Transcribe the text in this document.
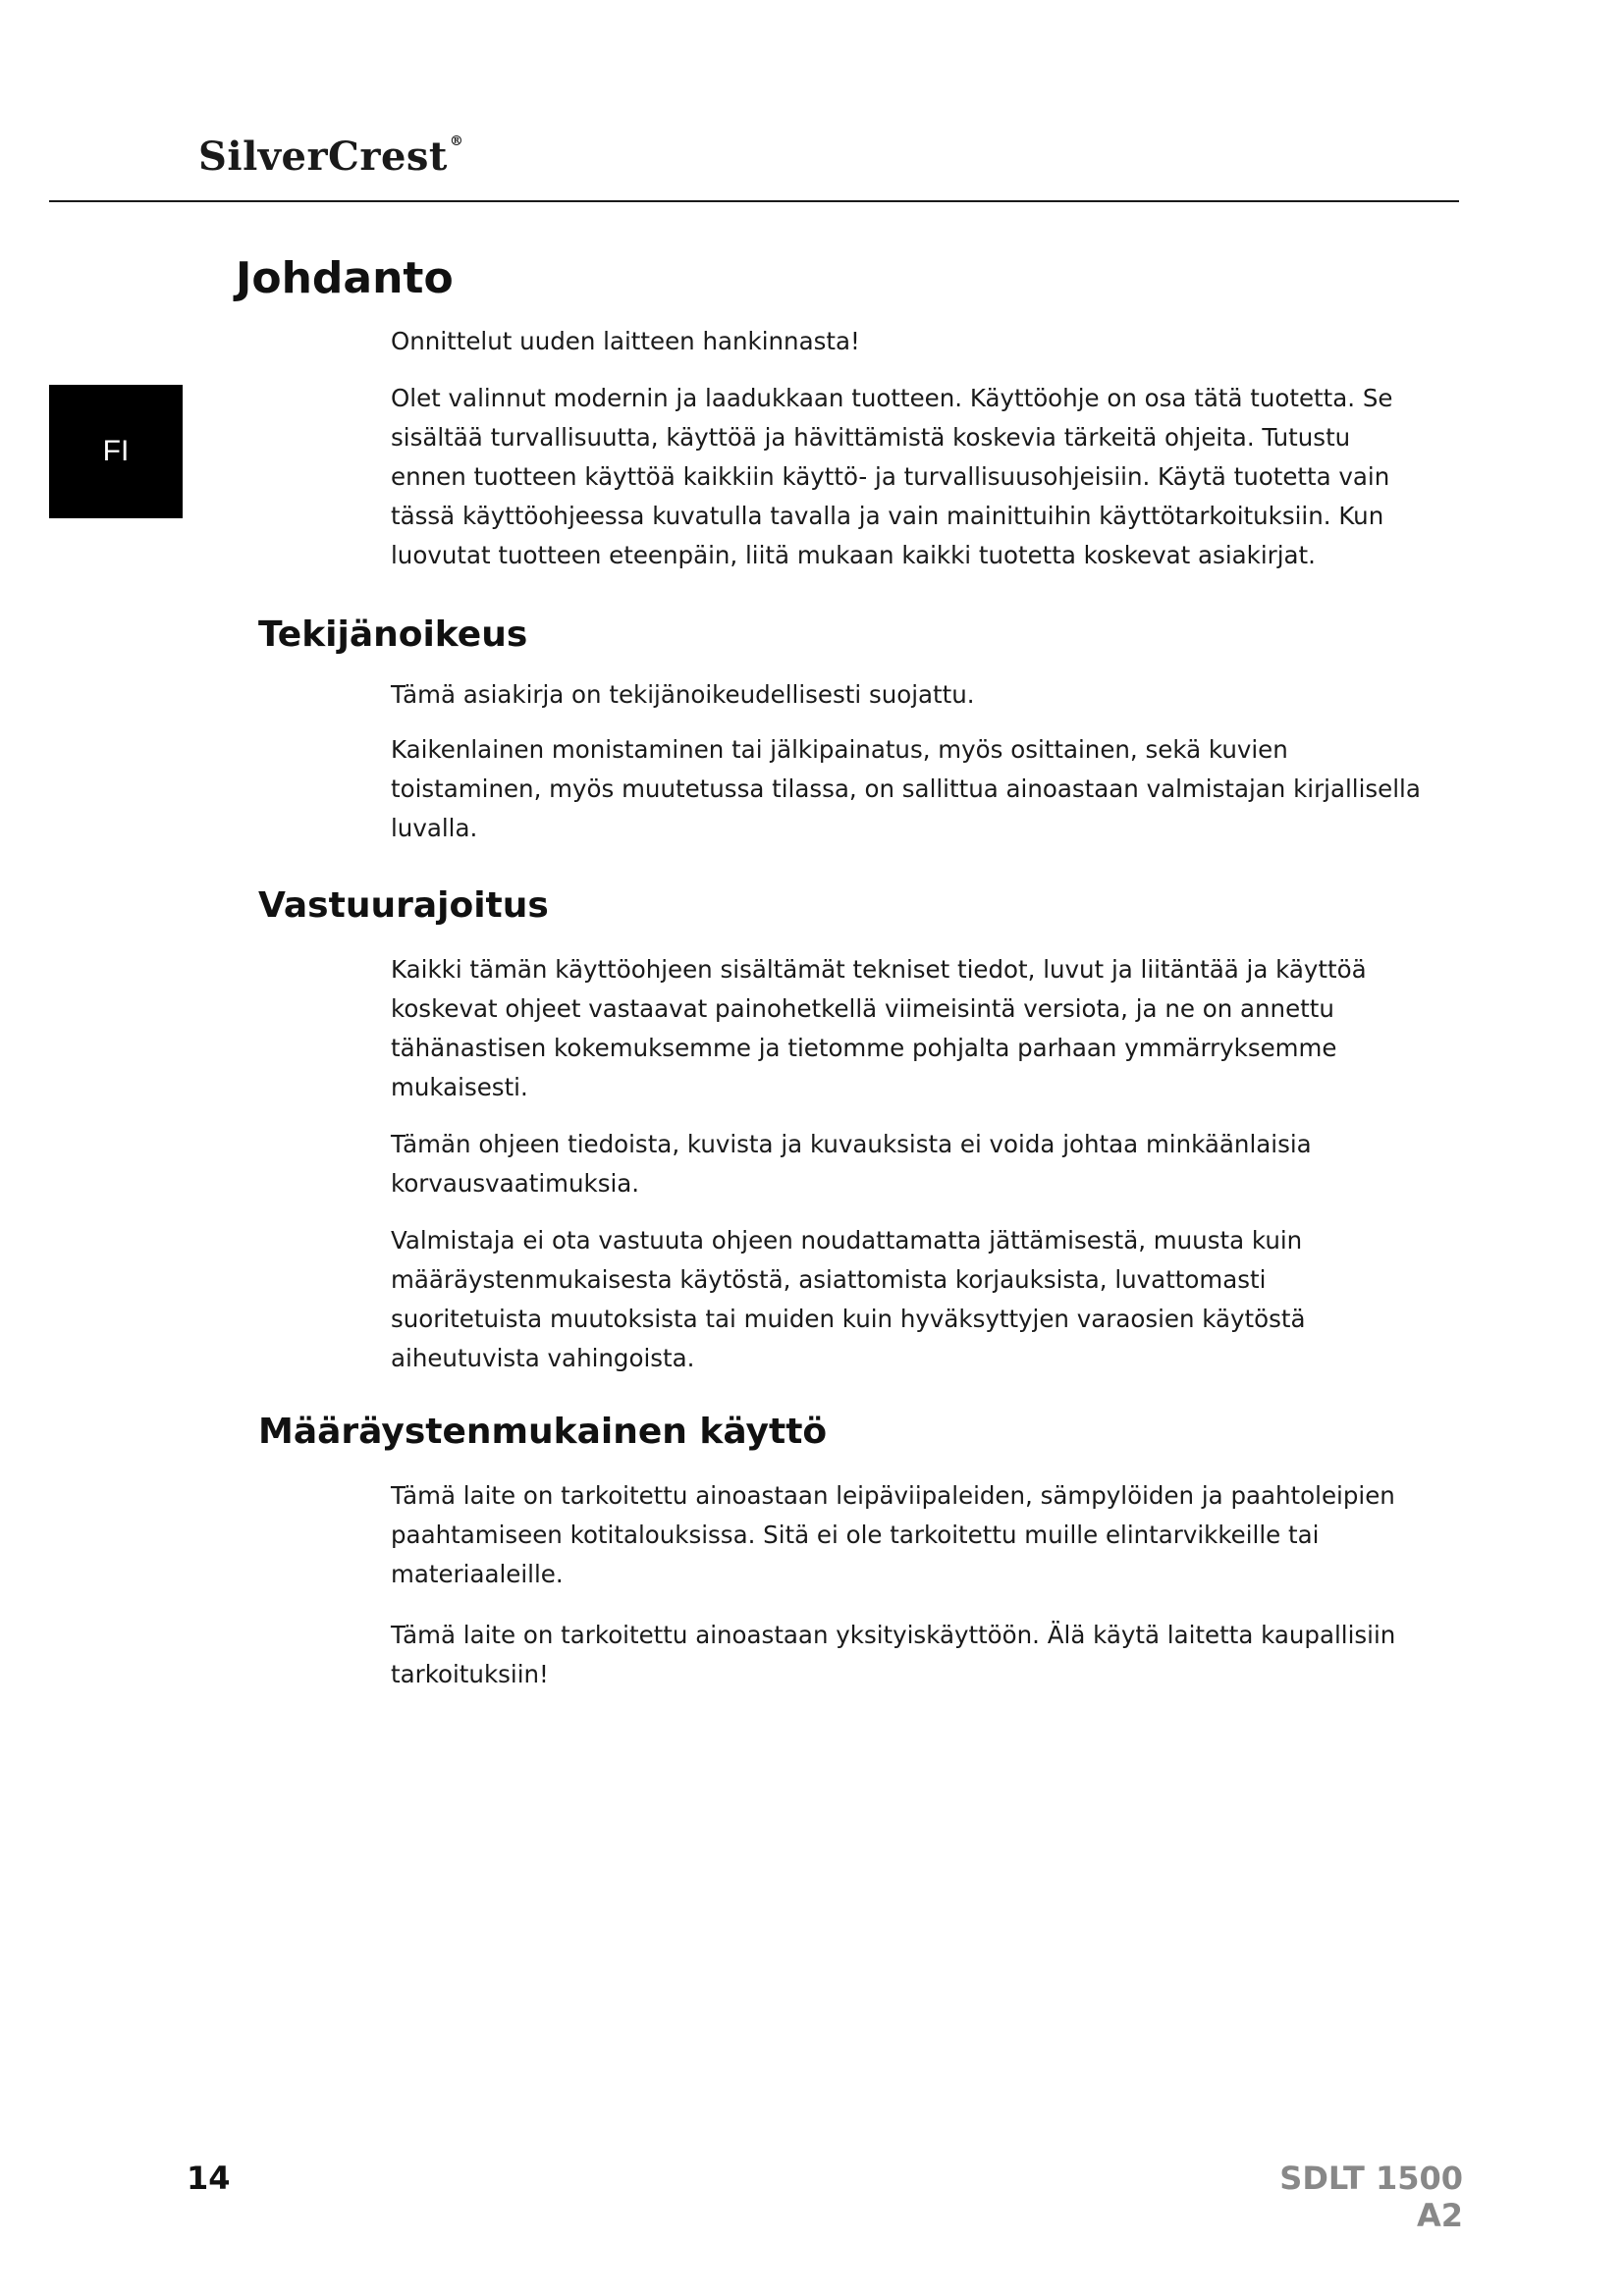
SilverCrest ®
FI
Johdanto

Onnittelut uuden laitteen hankinnasta!

Olet valinnut modernin ja laadukkaan tuotteen. Käyttöohje on osa tätä tuotetta. Se sisältää turvallisuutta, käyttöä ja hävittämistä koskevia tärkeitä ohjeita. Tutustu ennen tuotteen käyttöä kaikkiin käyttö- ja turvallisuusohjeisiin. Käytä tuotetta vain tässä käyttöohjeessa kuvatulla tavalla ja vain mainittuihin käyttötarkoituksiin. Kun luovutat tuotteen eteenpäin, liitä mukaan kaikki tuotetta koskevat asiakirjat.

Tekijänoikeus

Tämä asiakirja on tekijänoikeudellisesti suojattu.

Kaikenlainen monistaminen tai jälkipainatus, myös osittainen, sekä kuvien toistaminen, myös muutetussa tilassa, on sallittua ainoastaan valmistajan kirjallisella luvalla.

Vastuurajoitus

Kaikki tämän käyttöohjeen sisältämät tekniset tiedot, luvut ja liitäntää ja käyttöä koskevat ohjeet vastaavat painohetkellä viimeisintä versiota, ja ne on annettu tähänastisen kokemuksemme ja tietomme pohjalta parhaan ymmärryksemme mukaisesti.

Tämän ohjeen tiedoista, kuvista ja kuvauksista ei voida johtaa minkäänlaisia korvausvaatimuksia.

Valmistaja ei ota vastuuta ohjeen noudattamatta jättämisestä, muusta kuin määräystenmukaisesta käytöstä, asiattomista korjauksista, luvattomasti suoritetuista muutoksista tai muiden kuin hyväksyttyjen varaosien käytöstä aiheutuvista vahingoista.

Määräystenmukainen käyttö

Tämä laite on tarkoitettu ainoastaan leipäviipaleiden, sämpylöiden ja paahtoleipien paahtamiseen kotitalouksissa. Sitä ei ole tarkoitettu muille elintarvikkeille tai materiaaleille.

Tämä laite on tarkoitettu ainoastaan yksityiskäyttöön. Älä käytä laitetta kaupallisiin tarkoituksiin!

14	SDLT 1500 A2
